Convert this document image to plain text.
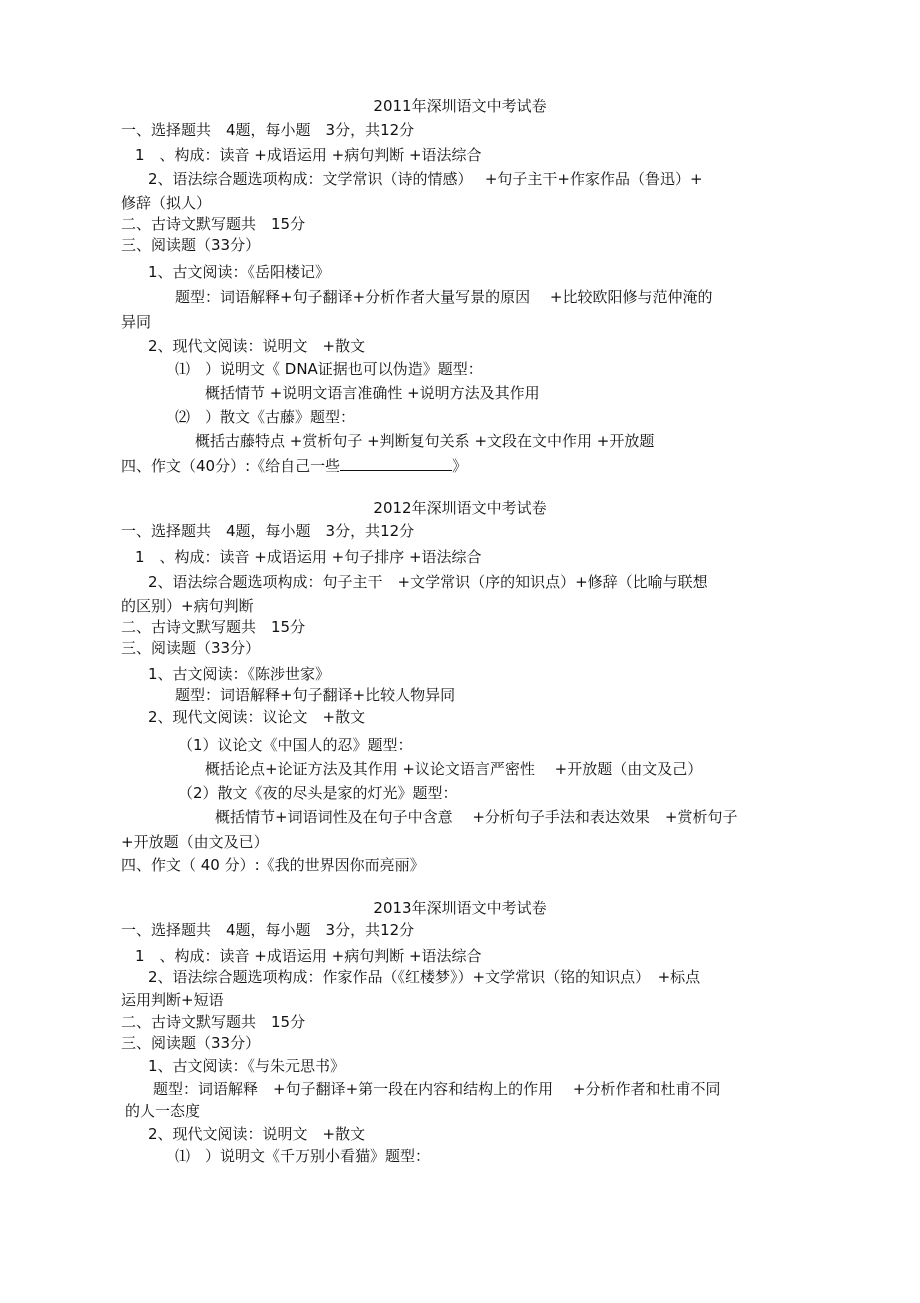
2011年深圳语文中考试卷
一、选择题共　4题，每小题　3分，共12分
1　、构成：读音 +成语运用 +病句判断 +语法综合
2、语法综合题选项构成：文学常识（诗的情感）　 +句子主干+作家作品（鲁迅）+
修辞（拟人）
二、古诗文默写题共　15分
三、阅读题（33分）
1、古文阅读：《岳阳楼记》
题型：词语解释+句子翻译+分析作者大量写景的原因　 +比较欧阳修与范仲淹的
异同
2、现代文阅读：说明文　+散文
⑴　）说明文《 DNA证据也可以伪造》题型：
概括情节 +说明文语言准确性 +说明方法及其作用
⑵　）散文《古藤》题型：
概括古藤特点 +赏析句子 +判断复句关系 +文段在文中作用 +开放题
四、作文（40分）:《给自己一些	》
2012年深圳语文中考试卷
一、选择题共　4题，每小题　3分，共12分
1　、构成：读音 +成语运用 +句子排序 +语法综合
2、语法综合题选项构成：句子主干　+文学常识（序的知识点）+修辞（比喻与联想
的区别）+病句判断
二、古诗文默写题共　15分
三、阅读题（33分）
1、古文阅读：《陈涉世家》
题型：词语解释+句子翻译+比较人物异同
2、现代文阅读：议论文　+散文
（1）议论文《中国人的忍》题型：
概括论点+论证方法及其作用 +议论文语言严密性　 +开放题（由文及己）
（2）散文《夜的尽头是家的灯光》题型：
概括情节+词语词性及在句子中含意　 +分析句子手法和表达效果　+赏析句子
+开放题（由文及已）
四、作文（ 40 分）:《我的世界因你而亮丽》
2013年深圳语文中考试卷
一、选择题共　4题，每小题　3分，共12分
1　、构成：读音 +成语运用 +病句判断 +语法综合
2、语法综合题选项构成：作家作品（《红楼梦》）+文学常识（铭的知识点）　+标点
运用判断+短语
二、古诗文默写题共　15分
三、阅读题（33分）
1、古文阅读：《与朱元思书》
题型：词语解释　+句子翻译+第一段在内容和结构上的作用　 +分析作者和杜甫不同
的人一态度
2、现代文阅读：说明文　+散文
⑴　）说明文《千万别小看猫》题型：
